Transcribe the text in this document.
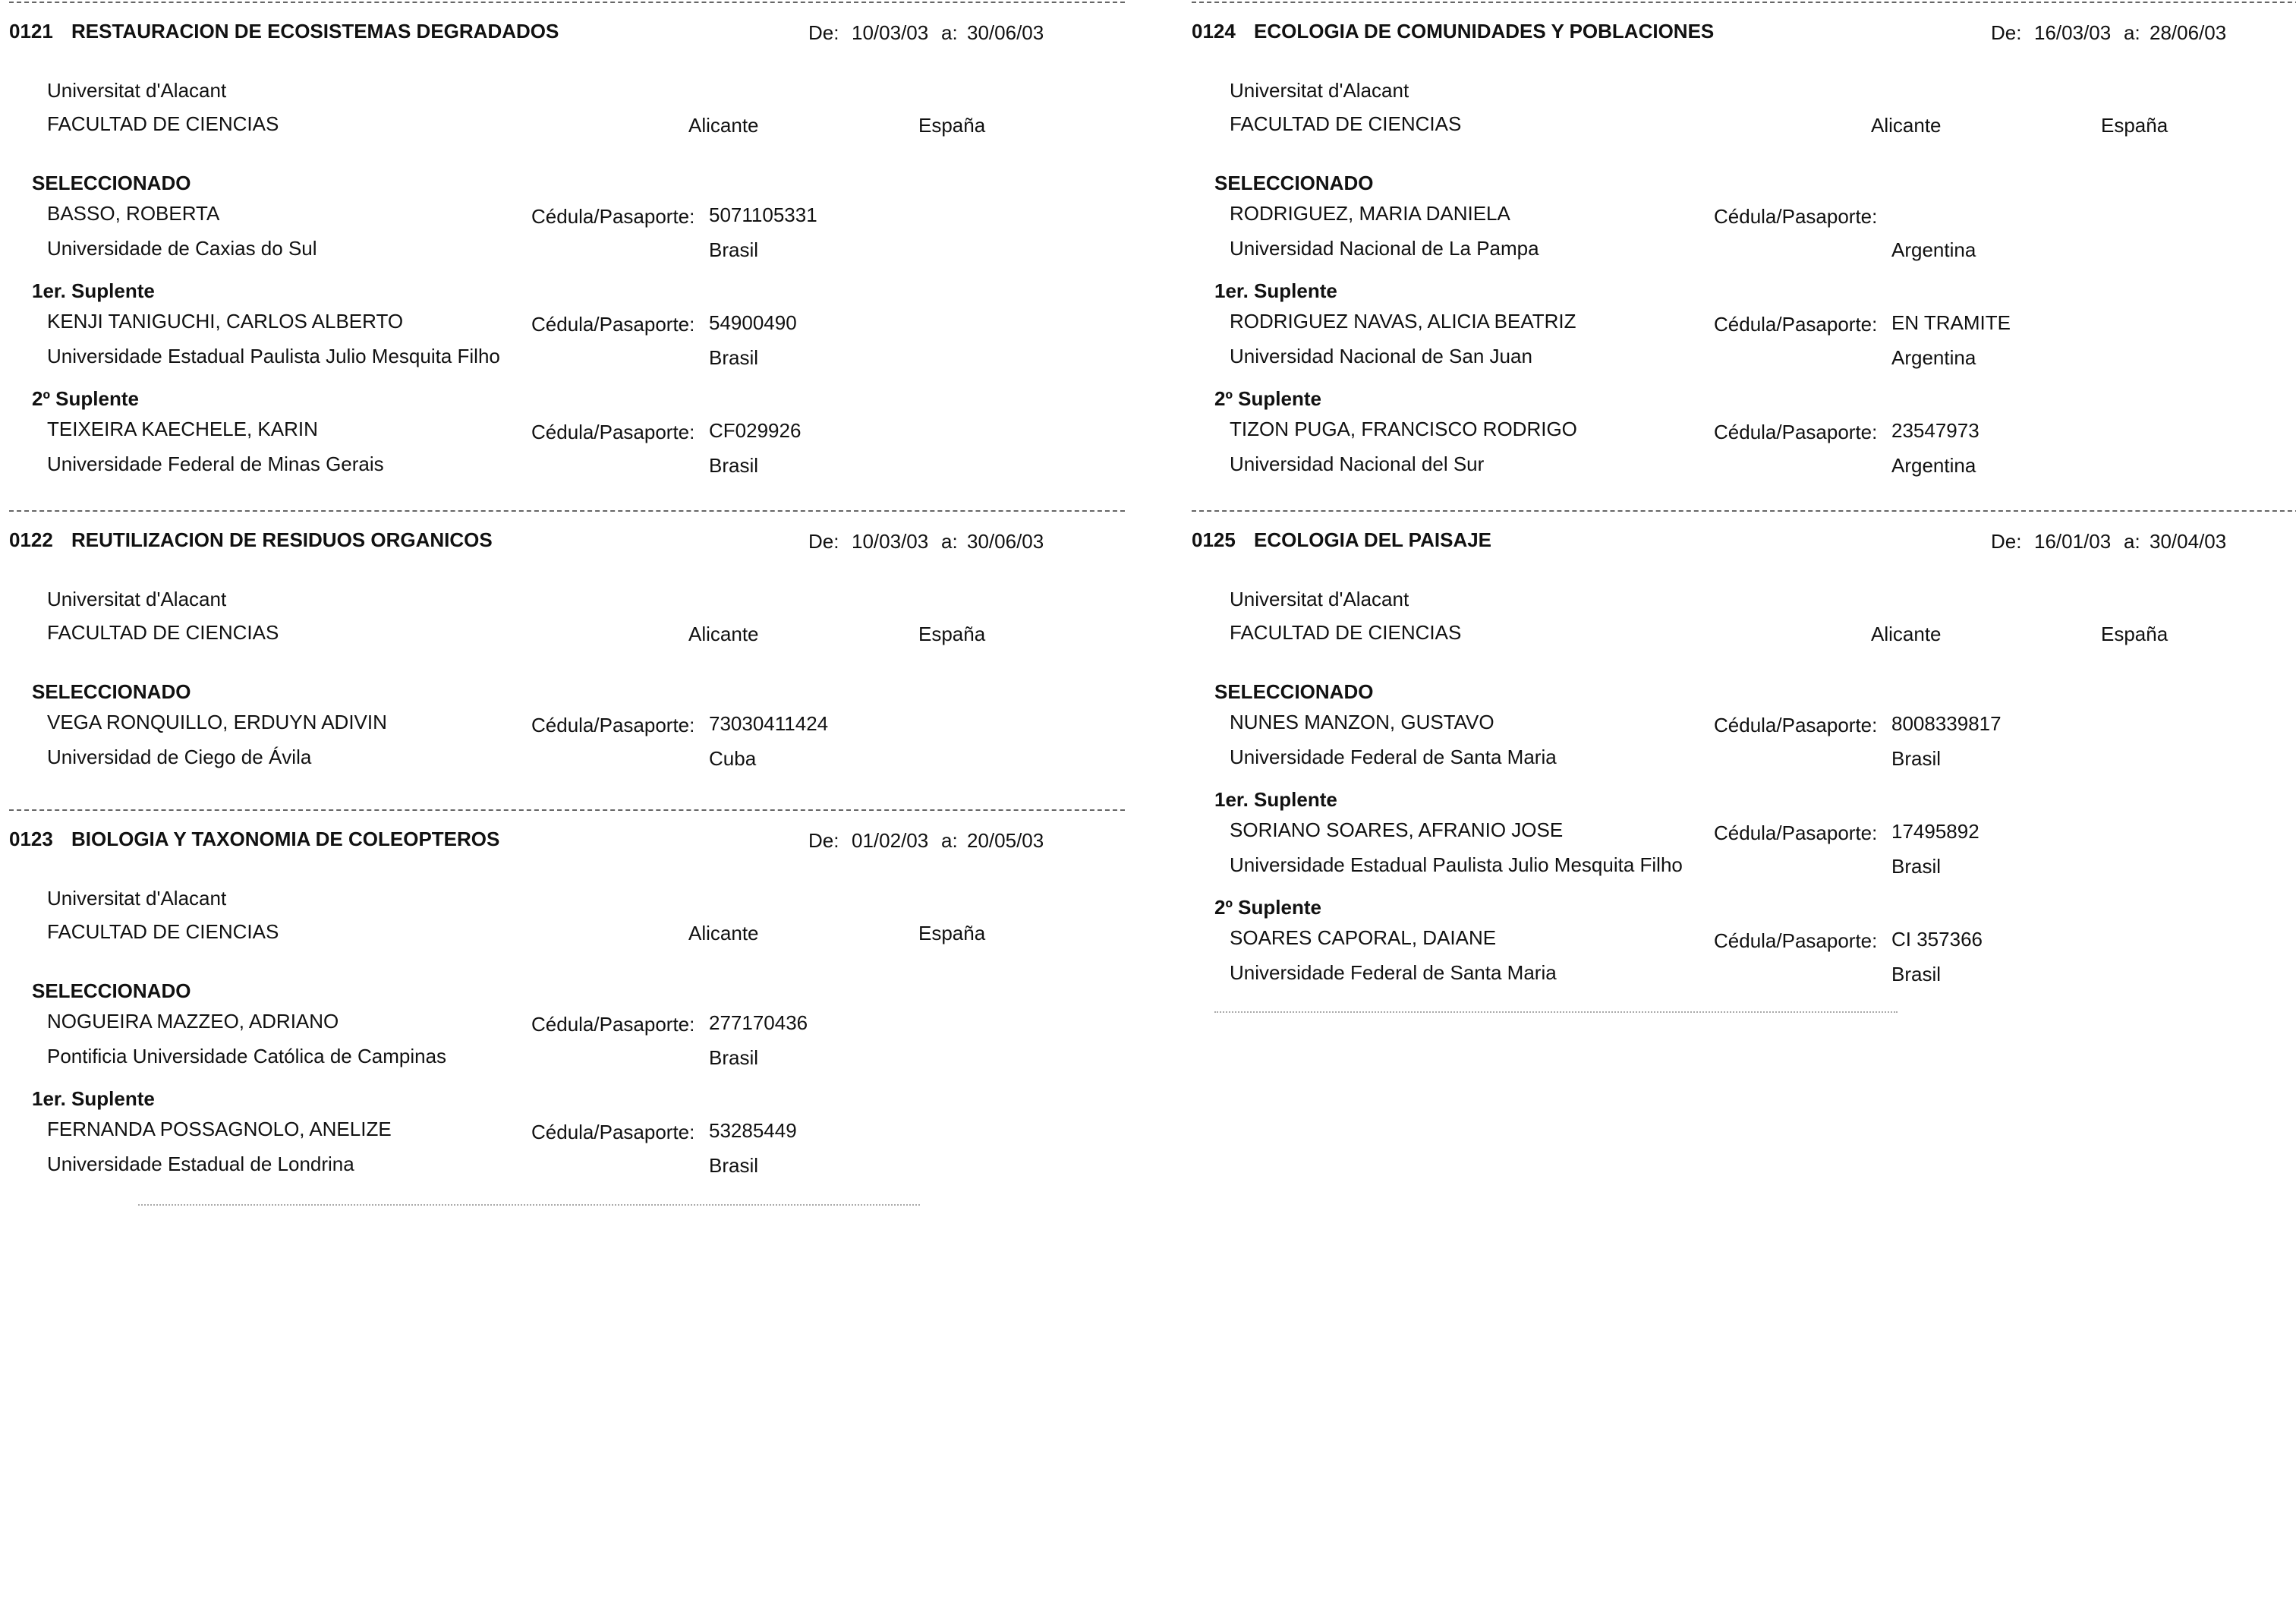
0121 RESTAURACION DE ECOSISTEMAS DEGRADADOS	De: 10/03/03 a: 30/06/03
Universitat d'Alacant
FACULTAD DE CIENCIAS	Alicante	España
SELECCIONADO
BASSO, ROBERTA	Cédula/Pasaporte: 5071105331
Universidade de Caxias do Sul	Brasil
1er. Suplente
KENJI TANIGUCHI, CARLOS ALBERTO	Cédula/Pasaporte: 54900490
Universidade Estadual Paulista Julio Mesquita Filho	Brasil
2º Suplente
TEIXEIRA KAECHELE, KARIN	Cédula/Pasaporte: CF029926
Universidade Federal de Minas Gerais	Brasil
0122 REUTILIZACION DE RESIDUOS ORGANICOS	De: 10/03/03 a: 30/06/03
Universitat d'Alacant
FACULTAD DE CIENCIAS	Alicante	España
SELECCIONADO
VEGA RONQUILLO, ERDUYN ADIVIN	Cédula/Pasaporte: 73030411424
Universidad de Ciego de Ávila	Cuba
0123 BIOLOGIA Y TAXONOMIA DE COLEOPTEROS	De: 01/02/03 a: 20/05/03
Universitat d'Alacant
FACULTAD DE CIENCIAS	Alicante	España
SELECCIONADO
NOGUEIRA MAZZEO, ADRIANO	Cédula/Pasaporte: 277170436
Pontificia Universidade Católica de Campinas	Brasil
1er. Suplente
FERNANDA POSSAGNOLO, ANELIZE	Cédula/Pasaporte: 53285449
Universidade Estadual de Londrina	Brasil
0124 ECOLOGIA DE COMUNIDADES Y POBLACIONES	De: 16/03/03 a: 28/06/03
Universitat d'Alacant
FACULTAD DE CIENCIAS	Alicante	España
SELECCIONADO
RODRIGUEZ, MARIA DANIELA	Cédula/Pasaporte:
Universidad Nacional de La Pampa	Argentina
1er. Suplente
RODRIGUEZ NAVAS, ALICIA BEATRIZ	Cédula/Pasaporte: EN TRAMITE
Universidad Nacional de San Juan	Argentina
2º Suplente
TIZON PUGA, FRANCISCO RODRIGO	Cédula/Pasaporte: 23547973
Universidad Nacional del Sur	Argentina
0125 ECOLOGIA DEL PAISAJE	De: 16/01/03 a: 30/04/03
Universitat d'Alacant
FACULTAD DE CIENCIAS	Alicante	España
SELECCIONADO
NUNES MANZON, GUSTAVO	Cédula/Pasaporte: 8008339817
Universidade Federal de Santa Maria	Brasil
1er. Suplente
SORIANO SOARES, AFRANIO JOSE	Cédula/Pasaporte: 17495892
Universidade Estadual Paulista Julio Mesquita Filho	Brasil
2º Suplente
SOARES CAPORAL, DAIANE	Cédula/Pasaporte: CI 357366
Universidade Federal de Santa Maria	Brasil
